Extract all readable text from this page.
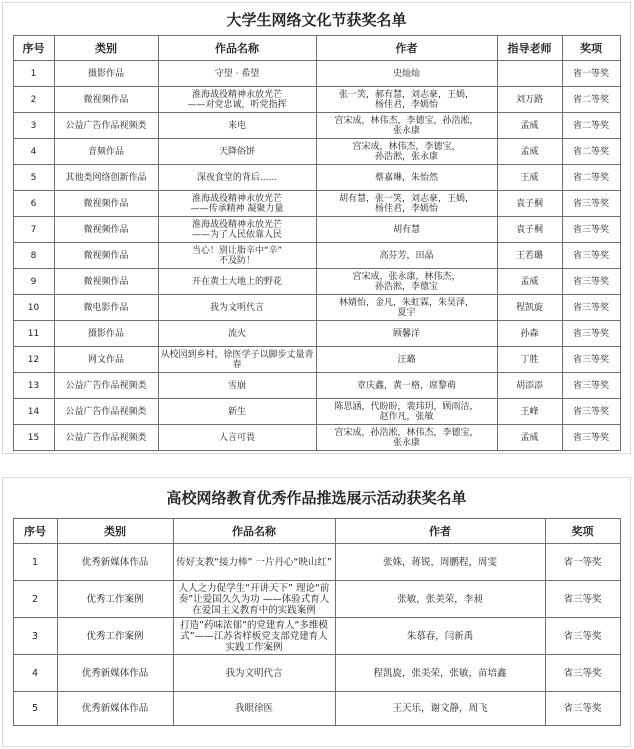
大学生网络文化节获奖名单
序号	类别	作品名称	作者	指导老师	奖项
1	摄影作品	守望 · 希望	史灿灿		省一等奖
2	微视频作品	淮海战役精神永放光芒
——对党忠诚，听党指挥	张一笑，郝有慧，刘志豪，王嫣，
杨佳君，李嫣怡	刘万路	省二等奖
3	公益广告作品视频类	来电	宫宋成，林伟杰，李德宝，孙浩淞，
张永康	孟威	省二等奖
4	音频作品	天降俗饼	宫宋成，林伟杰，李德宝，
孙浩淞，张永康	孟威	省二等奖
5	其他类网络创新作品	深夜食堂的背后......	蔡嘉琳，朱怡然	王威	省二等奖
6	微视频作品	淮海战役精神永放光芒
——传承精神 凝聚力量	胡有慧，张一笑，刘志豪，王嫣，
杨佳君，李嫣怡	袁子桐	省三等奖
7	微视频作品	淮海战役精神永放光芒
——为了人民依靠人民	胡有慧	袁子桐	省三等奖
8	微视频作品	当心！别让脂辛中“辛”
不及防！	高芬芳，田晶	王若璐	省三等奖
9	微视频作品	开在黄土大地上的野花	宫宋成，张永康，林伟杰，
孙浩淞，李德宝	孟威	省三等奖
10	微电影作品	我为文明代言	林婧怡，金凡，朱虹霖，朱昊泽，
夏宇	程凯旋	省三等奖
11	摄影作品	流火	顾馨洋	孙森	省三等奖
12	网文作品	从校园到乡村，徐医学子以脚步丈量青春	汪璐	丁胜	省三等奖
13	公益广告作品视频类	雪崩	章庆鑫，黄一格，席黎萌	胡添添	省三等奖
14	公益广告作品视频类	新生	陈思涵，代盼盼，裴玮玥，顾雨洁，
赵作凡，张敏	王峰	省三等奖
15	公益广告作品视频类	人言可畏	宫宋成，孙浩淞，林伟杰，李德宝，
张永康	孟威	省三等奖
高校网络教育优秀作品推选展示活动获奖名单
序号	类别	作品名称	作者	奖项
1	优秀新媒体作品	传好支教“接力棒” 一片丹心“映山红”	张姝，蒋锐，周鹏程，周雯	省一等奖
2	优秀工作案例	人人之力促学生“开讲天下” 理论“前
奏”让爱国久久为功 ——体验式育人
在爱国主义教育中的实践案例	张敏，张美荣，李昶	省三等奖
3	优秀工作案例	打造”药味浓郁”的党建育人“多维模
式”——江苏省样板党支部党建育人
实践工作案例	朱慕春，闫新禹	省三等奖
4	优秀新媒体作品	我为文明代言	程凯旋，张美荣，张敏，苗培鑫	省三等奖
5	优秀新媒体作品	我眼徐医	王天乐，谢文静，周飞	省三等奖
